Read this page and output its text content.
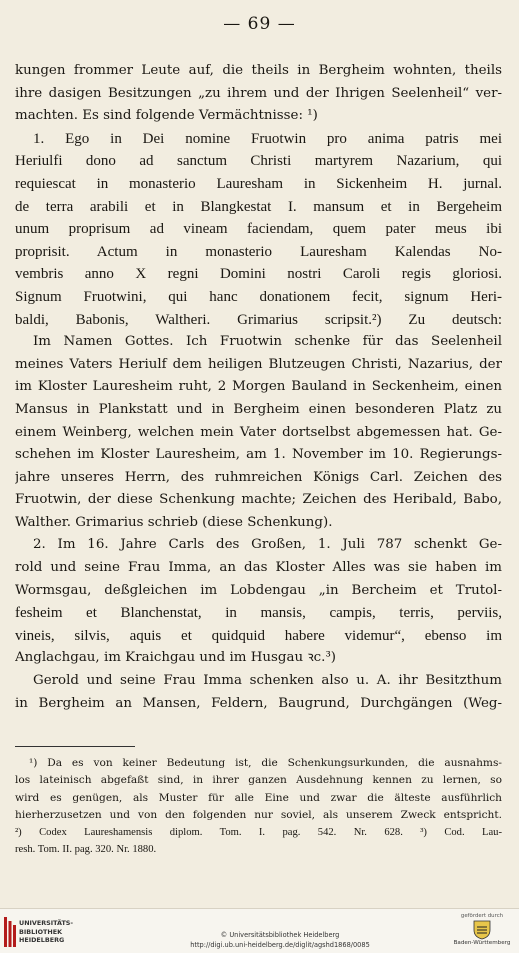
— 69 —
kungen frommer Leute auf, die theils in Bergheim wohnten, theils
ihre dasigen Besitzungen „zu ihrem und der Ihrigen Seelenheil“ ver-
machten. Es sind folgende Vermächtnisse: ¹)
1. Ego in Dei nomine Fruotwin pro anima patris mei
Heriulfi dono ad sanctum Christi martyrem Nazarium, qui
requiescat in monasterio Lauresham in Sickenheim H. jurnal.
de terra arabili et in Blangkestat I. mansum et in Bergeheim
unum proprisum ad vineam faciendam, quem pater meus ibi
proprisit. Actum in monasterio Lauresham Kalendas No-
vembris anno X regni Domini nostri Caroli regis gloriosi.
Signum Fruotwini, qui hanc donationem fecit, signum Heri-
baldi, Babonis, Waltheri. Grimarius scripsit.²) Zu deutsch:
Im Namen Gottes. Ich Fruotwin schenke für das Seelenheil
meines Vaters Heriulf dem heiligen Blutzeugen Christi, Nazarius, der
im Kloster Lauresheim ruht, 2 Morgen Bauland in Seckenheim, einen
Mansus in Plankstatt und in Bergheim einen besonderen Platz zu
einem Weinberg, welchen mein Vater dortselbst abgemessen hat. Ge-
schehen im Kloster Lauresheim, am 1. November im 10. Regierungs-
jahre unseres Herrn, des ruhmreichen Königs Carl. Zeichen des
Fruotwin, der diese Schenkung machte; Zeichen des Heribald, Babo,
Walther. Grimarius schrieb (diese Schenkung).
2. Im 16. Jahre Carls des Großen, 1. Juli 787 schenkt Ge-
rold und seine Frau Imma, an das Kloster Alles was sie haben im
Wormsgau, deßgleichen im Lobdengau „in Bercheim et Trutol-
fesheim et Blanchenstat, in mansis, campis, terris, perviis,
vineis, silvis, aquis et quidquid habere videmur“, ebenso im
Anglachgau, im Kraichgau und im Husgau ꝛc.³)
Gerold und seine Frau Imma schenken also u. A. ihr Besitzthum
in Bergheim an Mansen, Feldern, Baugrund, Durchgängen (Weg-
¹) Da es von keiner Bedeutung ist, die Schenkungsurkunden, die ausnahms-
los lateinisch abgefaßt sind, in ihrer ganzen Ausdehnung kennen zu lernen, so
wird es genügen, als Muster für alle Eine und zwar die älteste ausführlich
hierherzusetzen und von den folgenden nur soviel, als unserem Zweck entspricht.
²) Codex Laureshamensis diplom. Tom. I. pag. 542. Nr. 628. ³) Cod. Lau-
resh. Tom. II. pag. 320. Nr. 1880.
UNIVERSITÄTS-
BIBLIOTHEK
HEIDELBERG
© Universitätsbibliothek Heidelberg
http://digi.ub.uni-heidelberg.de/diglit/agshd1868/0085
gefördert durch
Baden-Württemberg
